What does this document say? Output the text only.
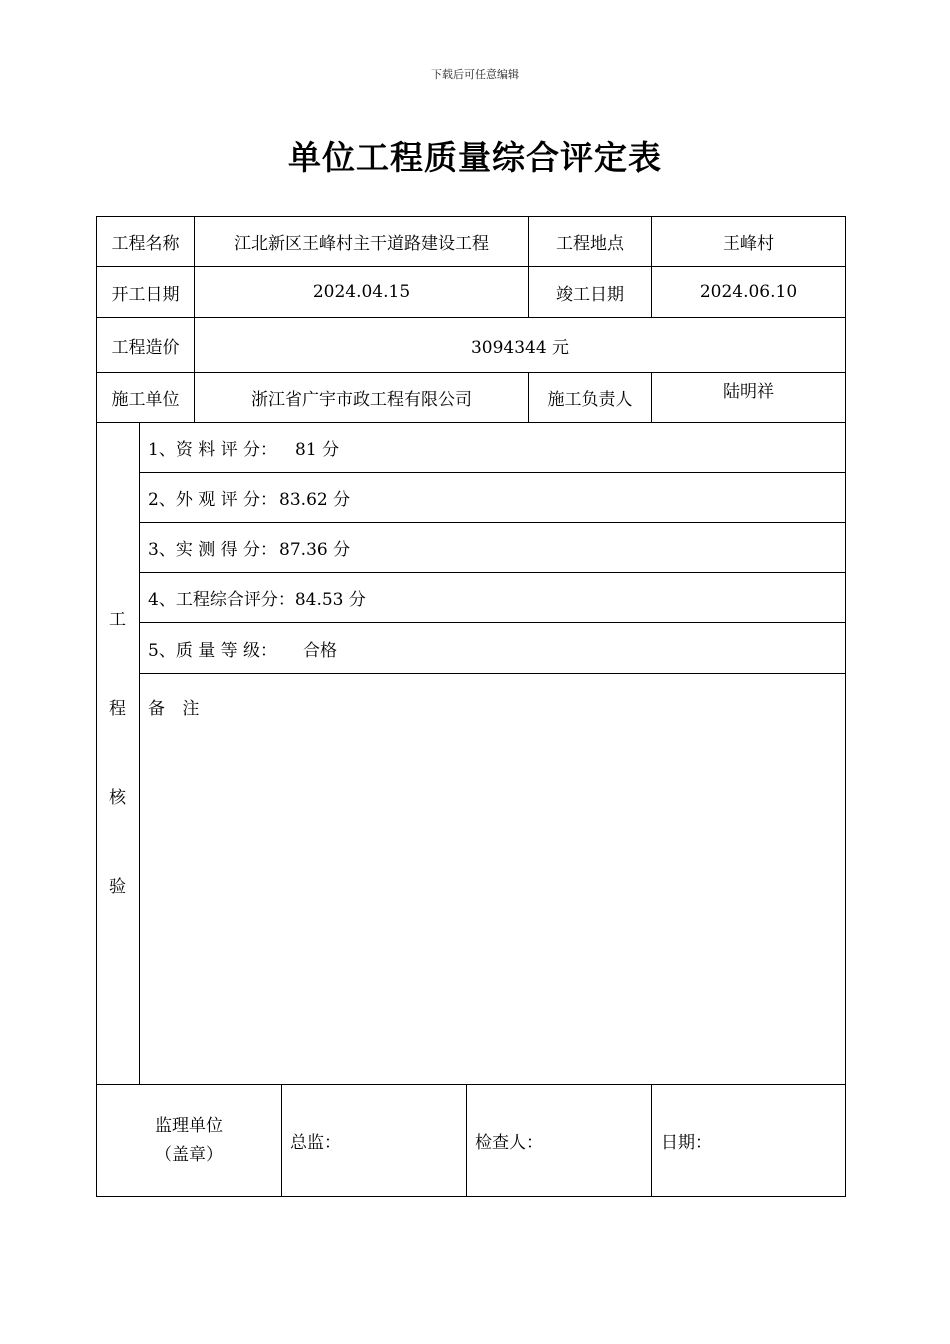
下载后可任意编辑
单位工程质量综合评定表
工程名称	江北新区王峰村主干道路建设工程	工程地点	王峰村
开工日期	2024.04.15	竣工日期	2024.06.10
工程造价	3094344 元
施工单位	浙江省广宇市政工程有限公司	施工负责人	陆明祥
工
程
核
验
1、资 料 评 分： 81 分
2、外 观 评 分： 83.62 分
3、实 测 得 分： 87.36 分
4、工程综合评分： 84.53 分
5、质 量 等 级： 合格
备 注
监理单位
（盖章）
总监：	检查人：	日期：
